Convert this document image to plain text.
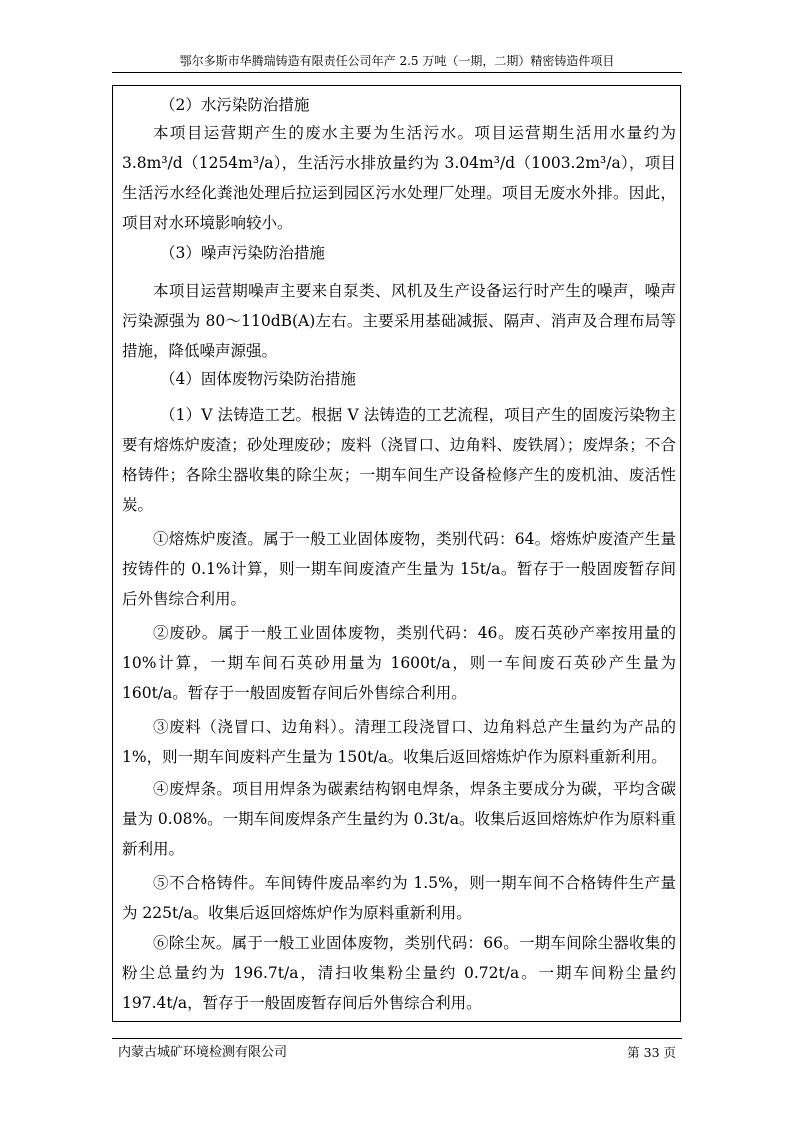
鄂尔多斯市华腾瑞铸造有限责任公司年产 2.5 万吨（一期，二期）精密铸造件项目

（2）水污染防治措施

本项目运营期产生的废水主要为生活污水。项目运营期生活用水量约为3.8m³/d（1254m³/a），生活污水排放量约为 3.04m³/d（1003.2m³/a），项目生活污水经化粪池处理后拉运到园区污水处理厂处理。项目无废水外排。因此，项目对水环境影响较小。

（3）噪声污染防治措施

本项目运营期噪声主要来自泵类、风机及生产设备运行时产生的噪声，噪声污染源强为 80～110dB(A)左右。主要采用基础减振、隔声、消声及合理布局等措施，降低噪声源强。

（4）固体废物污染防治措施

（1）V 法铸造工艺。根据 V 法铸造的工艺流程，项目产生的固废污染物主要有熔炼炉废渣；砂处理废砂；废料（浇冒口、边角料、废铁屑）；废焊条；不合格铸件；各除尘器收集的除尘灰；一期车间生产设备检修产生的废机油、废活性炭。

①熔炼炉废渣。属于一般工业固体废物，类别代码：64。熔炼炉废渣产生量按铸件的 0.1%计算，则一期车间废渣产生量为 15t/a。暂存于一般固废暂存间后外售综合利用。

②废砂。属于一般工业固体废物，类别代码：46。废石英砂产率按用量的10%计算，一期车间石英砂用量为 1600t/a，则一车间废石英砂产生量为 160t/a。暂存于一般固废暂存间后外售综合利用。

③废料（浇冒口、边角料）。清理工段浇冒口、边角料总产生量约为产品的1%，则一期车间废料产生量为 150t/a。收集后返回熔炼炉作为原料重新利用。

④废焊条。项目用焊条为碳素结构钢电焊条，焊条主要成分为碳，平均含碳量为 0.08%。一期车间废焊条产生量约为 0.3t/a。收集后返回熔炼炉作为原料重新利用。

⑤不合格铸件。车间铸件废品率约为 1.5%，则一期车间不合格铸件生产量为 225t/a。收集后返回熔炼炉作为原料重新利用。

⑥除尘灰。属于一般工业固体废物，类别代码：66。一期车间除尘器收集的粉尘总量约为 196.7t/a，清扫收集粉尘量约 0.72t/a。一期车间粉尘量约 197.4t/a，暂存于一般固废暂存间后外售综合利用。

内蒙古城矿环境检测有限公司	第 33 页
